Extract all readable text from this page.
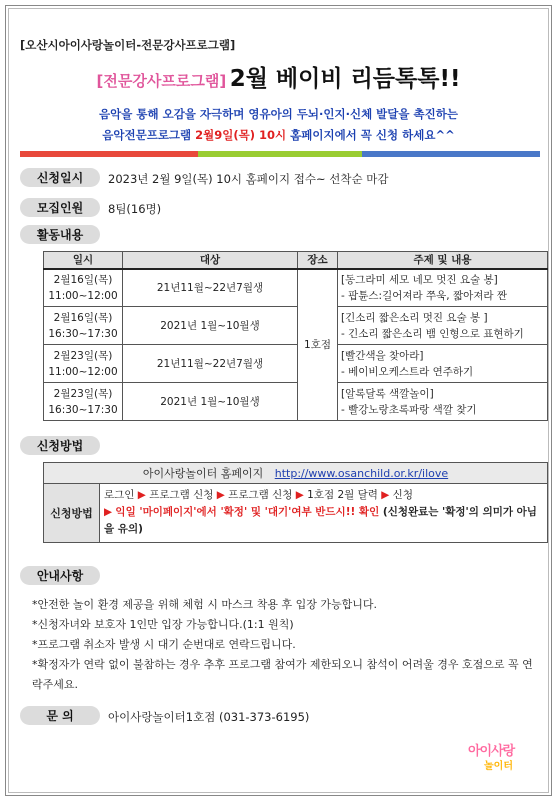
[오산시아이사랑놀이터-전문강사프로그램]
[전문강사프로그램] 2월 베이비 리듬톡톡!!
음악을 통해 오감을 자극하며 영유아의 두뇌·인지·신체 발달을 촉진하는
음악전문프로그램 2월9일(목) 10시 홈페이지에서 꼭 신청 하세요^^
신청일시	2023년 2월 9일(목) 10시 홈페이지 접수~ 선착순 마감
모집인원	8팀(16명)
활동내용
일시	대상	장소	주제 및 내용
2월16일(목)
11:00~12:00	21년11월~22년7월생	1호점	[동그라미 세모 네모 멋진 요술 봉]
- 팝튠스:길어져라 쭈욱, 짧아져라 짠
2월16일(목)
16:30~17:30	2021년 1월~10월생		[긴소리 짧은소리 멋진 요술 봉 ]
- 긴소리 짧은소리 뱀 인형으로 표현하기
2월23일(목)
11:00~12:00	21년11월~22년7월생		[빨간색을 찾아라]
- 베이비오케스트라 연주하기
2월23일(목)
16:30~17:30	2021년 1월~10월생		[알록달록 색깔놀이]
- 빨강노랑초록파랑 색깔 찾기
신청방법
아이사랑놀이터 홈페이지 http://www.osanchild.or.kr/ilove
신청방법
로그인 ▶ 프로그램 신청 ▶ 프로그램 신청 ▶ 1호점 2월 달력 ▶ 신청
▶ 익일 '마이페이지'에서 '확정' 및 '대기'여부 반드시!! 확인 (신청완료는 '확정'의 의미가 아님을 유의)
안내사항
*안전한 놀이 환경 제공을 위해 체험 시 마스크 착용 후 입장 가능합니다.
*신청자녀와 보호자 1인만 입장 가능합니다.(1:1 원칙)
*프로그램 취소자 발생 시 대기 순번대로 연락드립니다.
*확정자가 연락 없이 불참하는 경우 추후 프로그램 참여가 제한되오니 참석이 어려울 경우 호점으로 꼭 연락주세요.
문 의	아이사랑놀이터1호점 (031-373-6195)
아이사랑
놀이터
